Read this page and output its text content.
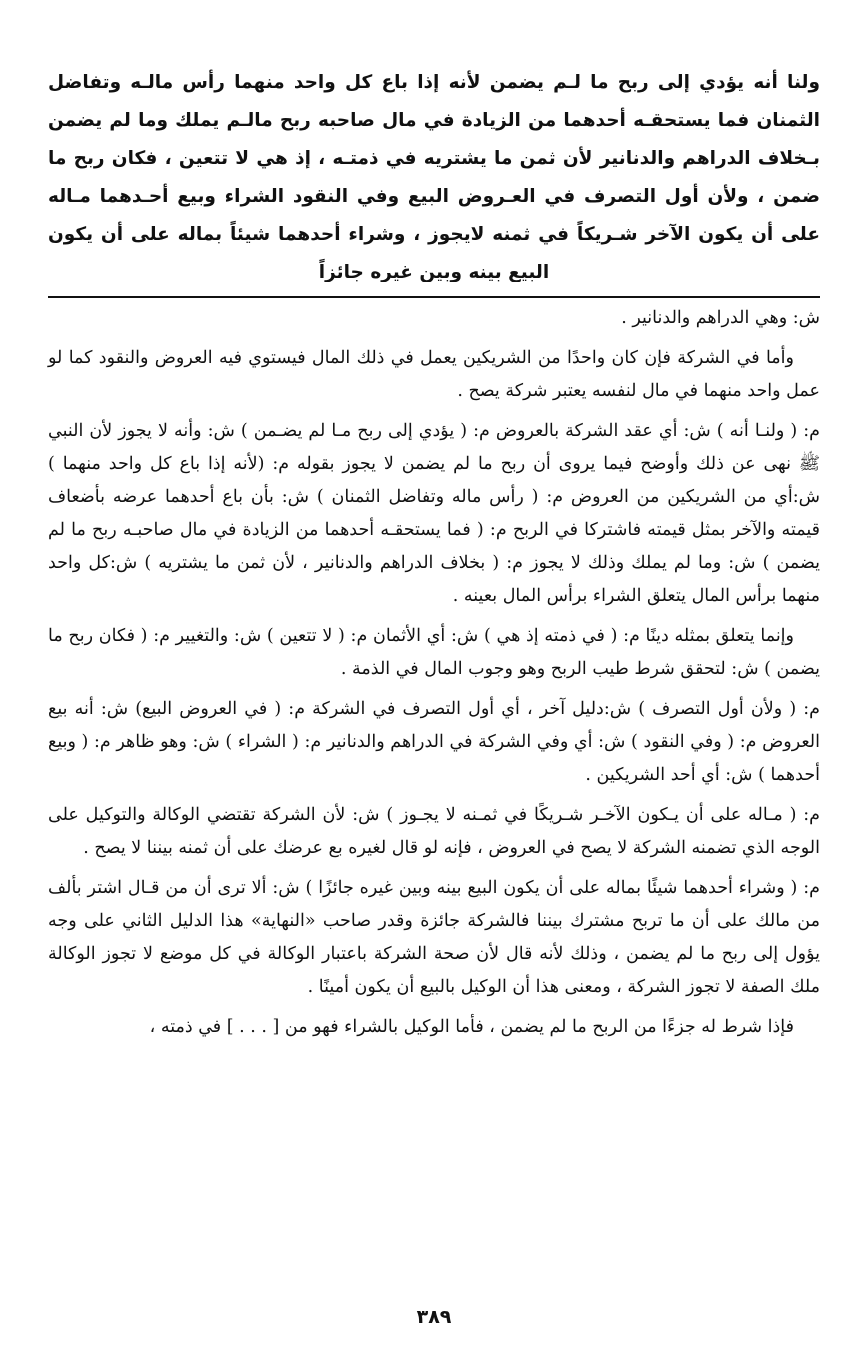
ولنا أنه يؤدي إلى ربح ما لـم يضمن لأنه إذا باع كل واحد منهما رأس مالـه وتفاضل الثمنان فما يستحقـه أحدهما من الزيادة في مال صاحبه ربح مالـم يملك وما لم يضمن بـخلاف الدراهم والدنانير لأن ثمن ما يشتريه في ذمتـه ، إذ هي لا تتعين ، فكان ربح ما ضمن ، ولأن أول التصرف في العـروض البيع وفي النقود الشراء وبيع أحـدهما مـاله على أن يكون الآخر شـريكاً في ثمنه لايجوز ، وشراء أحدهما شيئاً بماله على أن يكون البيع بينه وبين غيره جائزاً

ش: وهي الدراهم والدنانير .

وأما في الشركة فإن كان واحدًا من الشريكين يعمل في ذلك المال فيستوي فيه العروض والنقود كما لو عمل واحد منهما في مال لنفسه يعتبر شركة يصح .

م: ( ولنـا أنه ) ش: أي عقد الشركة بالعروض م: ( يؤدي إلى ربح مـا لم يضـمن ) ش: وأنه لا يجوز لأن النبي ﷺ نهى عن ذلك وأوضح فيما يروى أن ربح ما لم يضمن لا يجوز بقوله م: (لأنه إذا باع كل واحد منهما ) ش:أي من الشريكين من العروض م: ( رأس ماله وتفاضل الثمنان ) ش: بأن باع أحدهما عرضه بأضعاف قيمته والآخر بمثل قيمته فاشتركا في الربح م: ( فما يستحقـه أحدهما من الزيادة في مال صاحبـه ربح ما لم يضمن ) ش: وما لم يملك وذلك لا يجوز م: ( بخلاف الدراهم والدنانير ، لأن ثمن ما يشتريه ) ش:كل واحد منهما برأس المال يتعلق الشراء برأس المال بعينه .

وإنما يتعلق بمثله دينًا م: ( في ذمته إذ هي ) ش: أي الأثمان م: ( لا تتعين ) ش: والتغيير م: ( فكان ربح ما يضمن ) ش: لتحقق شرط طيب الربح وهو وجوب المال في الذمة .

م: ( ولأن أول التصرف ) ش:دليل آخر ، أي أول التصرف في الشركة م: ( في العروض البيع) ش: أنه بيع العروض م: ( وفي النقود ) ش: أي وفي الشركة في الدراهم والدنانير م: ( الشراء ) ش: وهو ظاهر م: ( وبيع أحدهما ) ش: أي أحد الشريكين .

م: ( مـاله على أن يـكون الآخـر شـريكًا في ثمـنه لا يجـوز ) ش: لأن الشركة تقتضي الوكالة والتوكيل على الوجه الذي تضمنه الشركة لا يصح في العروض ، فإنه لو قال لغيره بع عرضك على أن ثمنه بيننا لا يصح .

م: ( وشراء أحدهما شيئًا بماله على أن يكون البيع بينه وبين غيره جائزًا ) ش: ألا ترى أن من قـال اشتر بألف من مالك على أن ما تربح مشترك بيننا فالشركة جائزة وقدر صاحب «النهاية» هذا الدليل الثاني على وجه يؤول إلى ربح ما لم يضمن ، وذلك لأنه قال لأن صحة الشركة باعتبار الوكالة في كل موضع لا تجوز الوكالة ملك الصفة لا تجوز الشركة ، ومعنى هذا أن الوكيل بالبيع أن يكون أمينًا .

فإذا شرط له جزءًا من الربح ما لم يضمن ، فأما الوكيل بالشراء فهو من [ . . . ] في ذمته ،

٣٨٩
